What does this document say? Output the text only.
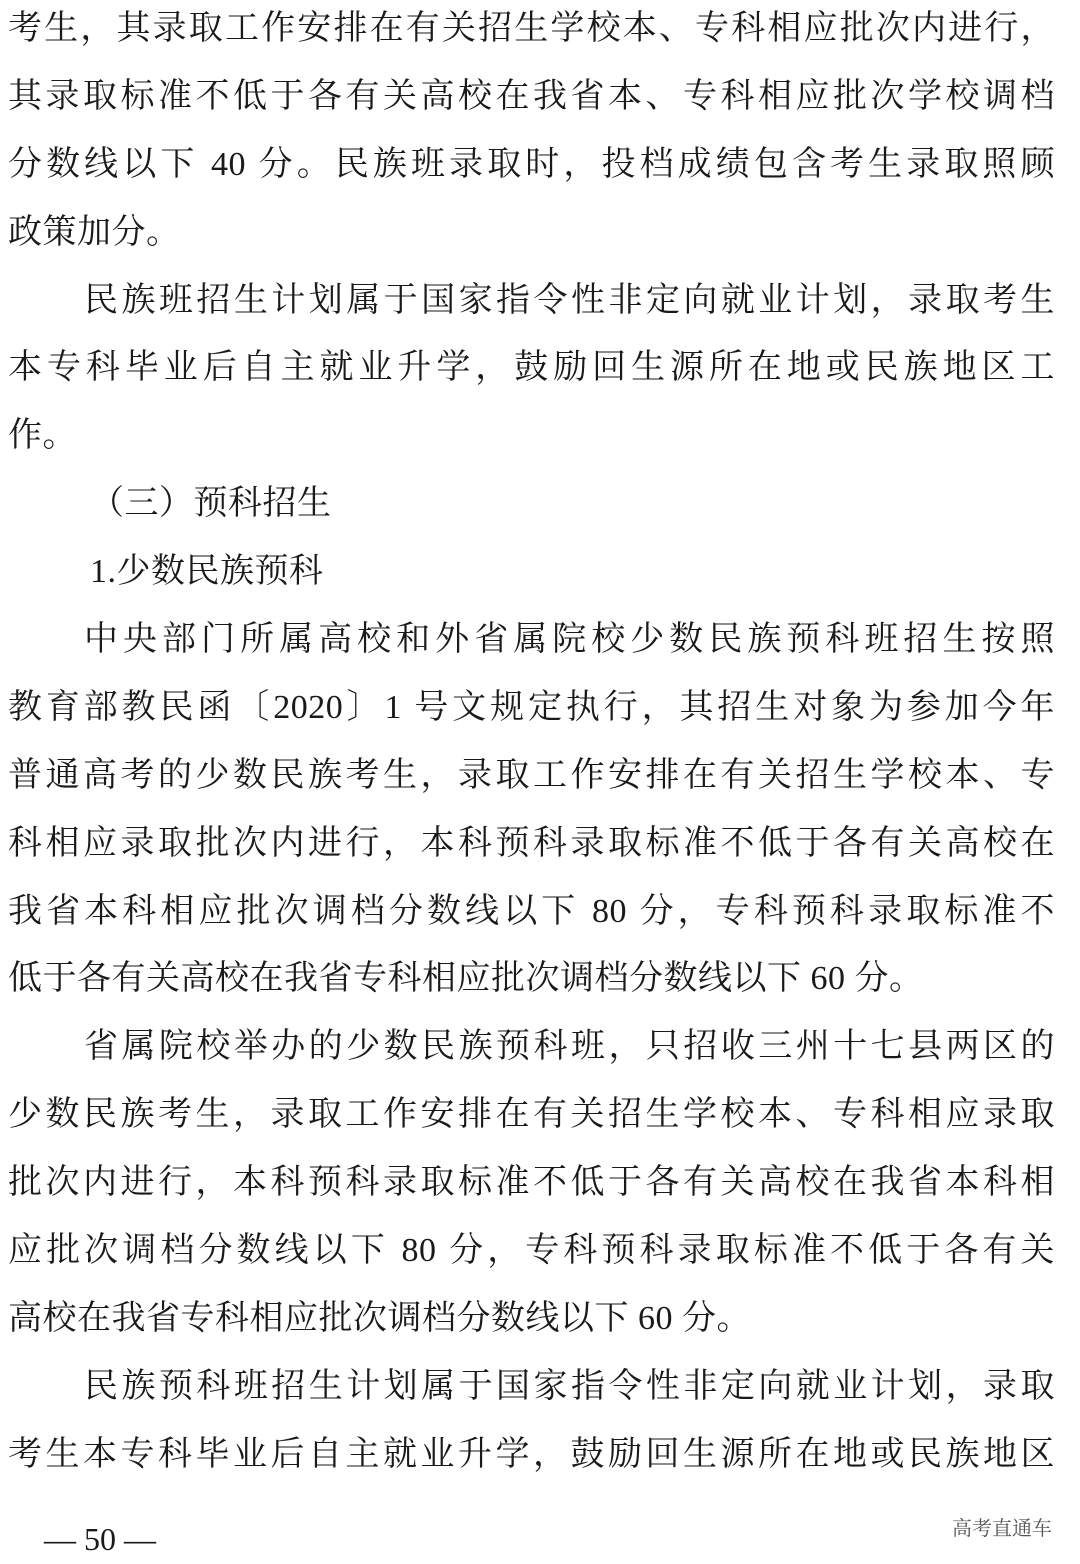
考生，其录取工作安排在有关招生学校本、专科相应批次内进行，
其录取标准不低于各有关高校在我省本、专科相应批次学校调档
分数线以下 40 分。民族班录取时，投档成绩包含考生录取照顾
政策加分。
民族班招生计划属于国家指令性非定向就业计划，录取考生
本专科毕业后自主就业升学，鼓励回生源所在地或民族地区工
作。
（三）预科招生
1.少数民族预科
中央部门所属高校和外省属院校少数民族预科班招生按照
教育部教民函〔2020〕1 号文规定执行，其招生对象为参加今年
普通高考的少数民族考生，录取工作安排在有关招生学校本、专
科相应录取批次内进行，本科预科录取标准不低于各有关高校在
我省本科相应批次调档分数线以下 80 分，专科预科录取标准不
低于各有关高校在我省专科相应批次调档分数线以下 60 分。
省属院校举办的少数民族预科班，只招收三州十七县两区的
少数民族考生，录取工作安排在有关招生学校本、专科相应录取
批次内进行，本科预科录取标准不低于各有关高校在我省本科相
应批次调档分数线以下 80 分，专科预科录取标准不低于各有关
高校在我省专科相应批次调档分数线以下 60 分。
民族预科班招生计划属于国家指令性非定向就业计划，录取
考生本专科毕业后自主就业升学，鼓励回生源所在地或民族地区
— 50 —	高考直通车
